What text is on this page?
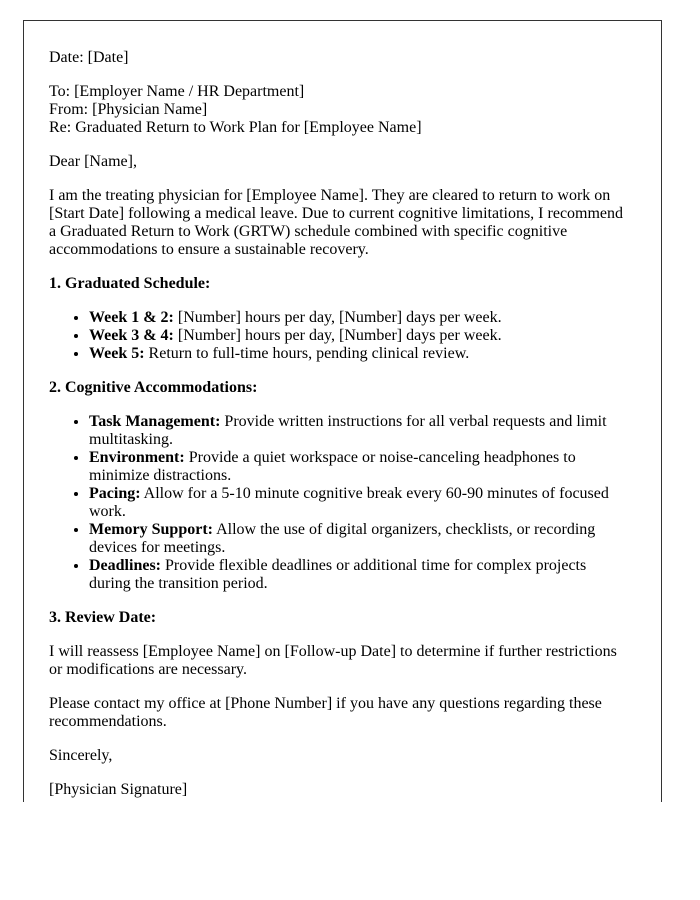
Date: [Date]

To: [Employer Name / HR Department]
From: [Physician Name]
Re: Graduated Return to Work Plan for [Employee Name]

Dear [Name],

I am the treating physician for [Employee Name]. They are cleared to return to work on [Start Date] following a medical leave. Due to current cognitive limitations, I recommend a Graduated Return to Work (GRTW) schedule combined with specific cognitive accommodations to ensure a sustainable recovery.

1. Graduated Schedule:

• Week 1 & 2: [Number] hours per day, [Number] days per week.
• Week 3 & 4: [Number] hours per day, [Number] days per week.
• Week 5: Return to full-time hours, pending clinical review.

2. Cognitive Accommodations:

• Task Management: Provide written instructions for all verbal requests and limit multitasking.
• Environment: Provide a quiet workspace or noise-canceling headphones to minimize distractions.
• Pacing: Allow for a 5-10 minute cognitive break every 60-90 minutes of focused work.
• Memory Support: Allow the use of digital organizers, checklists, or recording devices for meetings.
• Deadlines: Provide flexible deadlines or additional time for complex projects during the transition period.

3. Review Date:

I will reassess [Employee Name] on [Follow-up Date] to determine if further restrictions or modifications are necessary.

Please contact my office at [Phone Number] if you have any questions regarding these recommendations.

Sincerely,

[Physician Signature]
